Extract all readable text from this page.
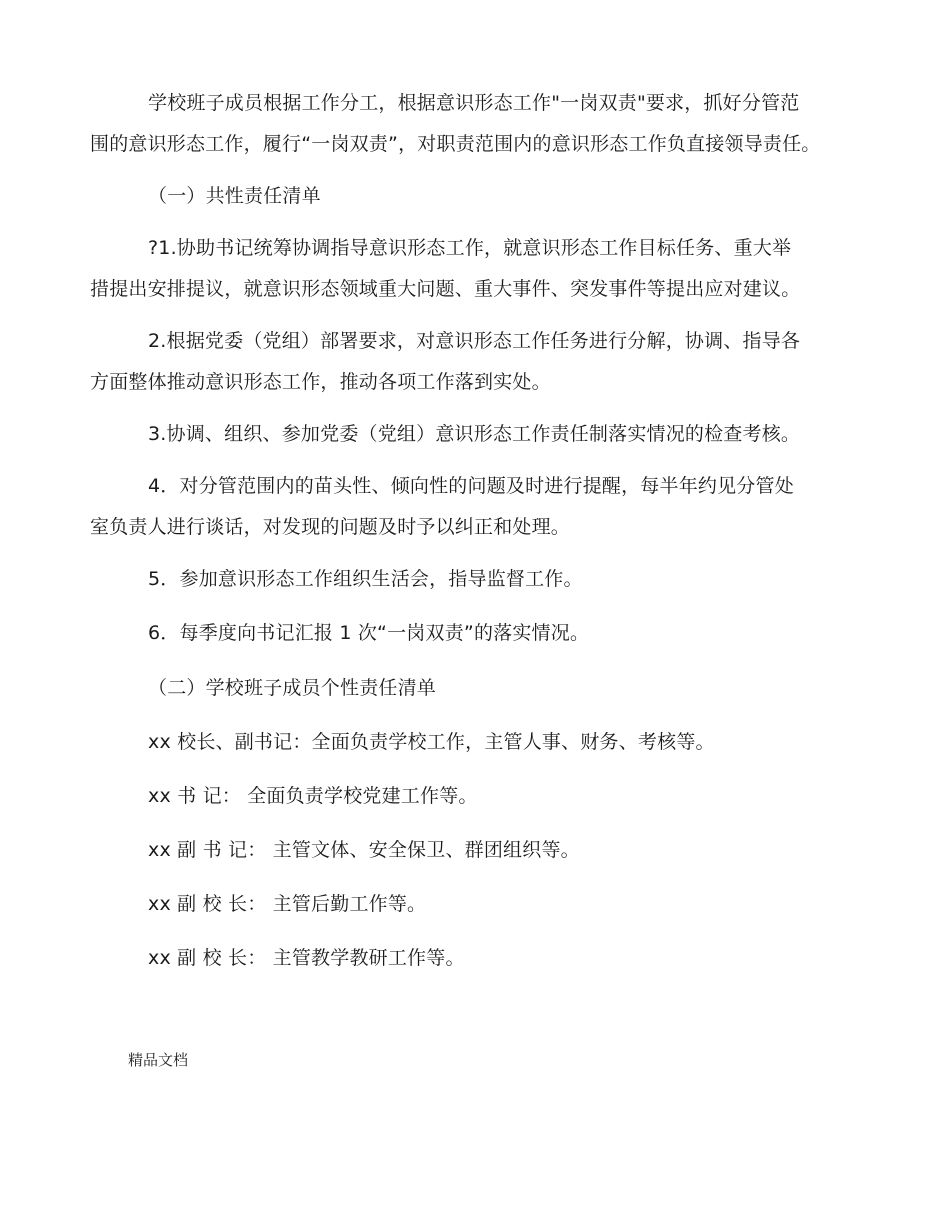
学校班子成员根据工作分工，根据意识形态工作"一岗双责"要求，抓好分管范
围的意识形态工作，履行“一岗双责”，对职责范围内的意识形态工作负直接领导责任。
（一）共性责任清单
?1.协助书记统筹协调指导意识形态工作，就意识形态工作目标任务、重大举
措提出安排提议，就意识形态领域重大问题、重大事件、突发事件等提出应对建议。
2.根据党委（党组）部署要求，对意识形态工作任务进行分解，协调、指导各
方面整体推动意识形态工作，推动各项工作落到实处。
3.协调、组织、参加党委（党组）意识形态工作责任制落实情况的检查考核。
4．对分管范围内的苗头性、倾向性的问题及时进行提醒，每半年约见分管处
室负责人进行谈话，对发现的问题及时予以纠正和处理。
5．参加意识形态工作组织生活会，指导监督工作。
6．每季度向书记汇报 1 次“一岗双责”的落实情况。
（二）学校班子成员个性责任清单
xx 校长、副书记：全面负责学校工作，主管人事、财务、考核等。
xx 书 记： 全面负责学校党建工作等。
xx 副 书 记： 主管文体、安全保卫、群团组织等。
xx 副 校 长： 主管后勤工作等。
xx 副 校 长： 主管教学教研工作等。
精品文档
